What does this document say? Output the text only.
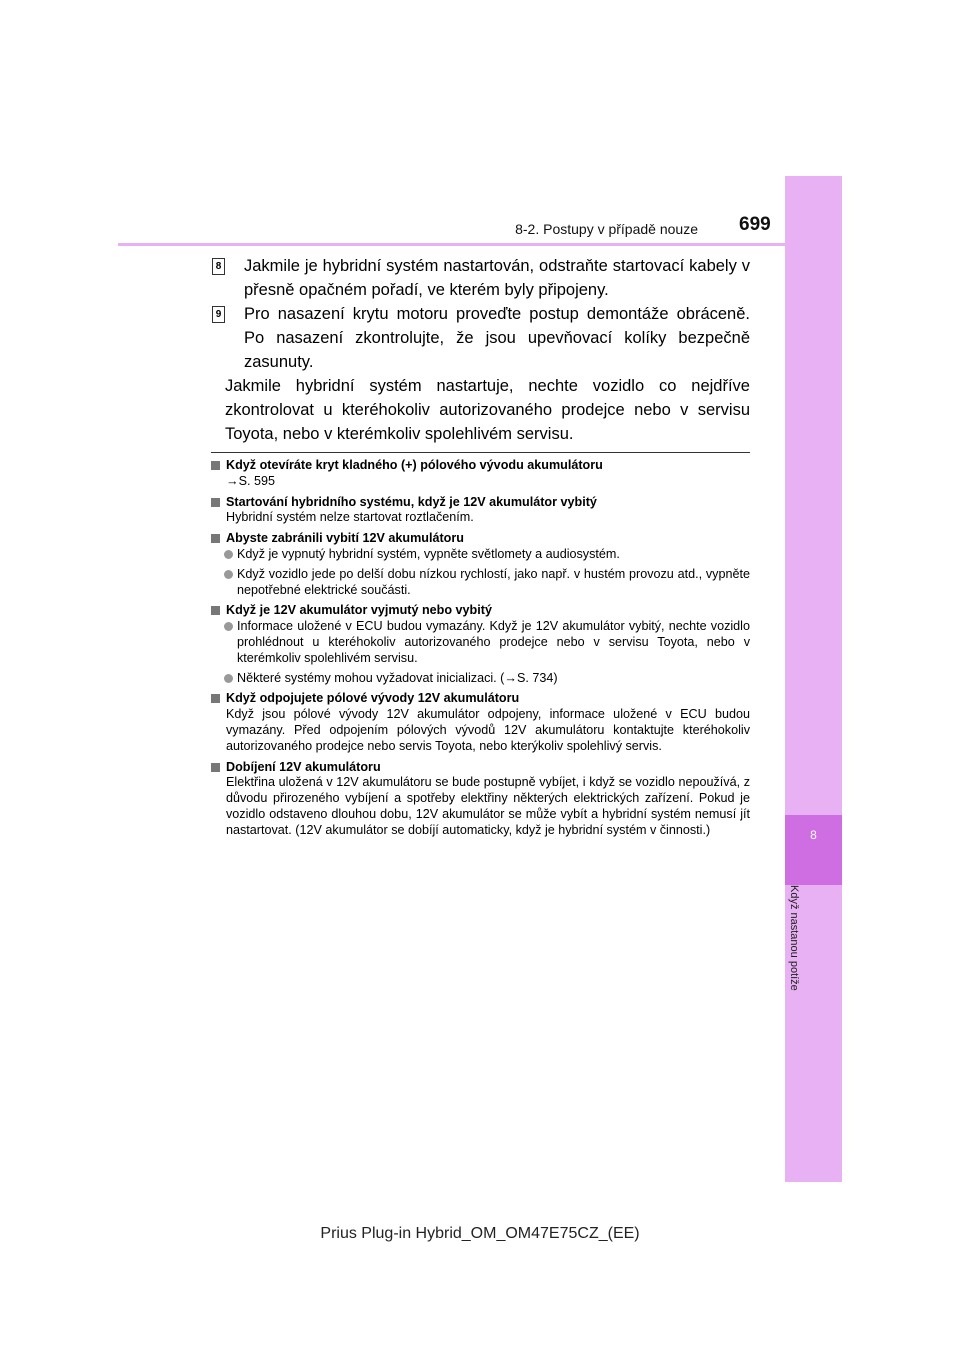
8
Když nastanou potíže
8-2. Postupy v případě nouze 699
8 Jakmile je hybridní systém nastartován, odstraňte startovací kabely v přesně opačném pořadí, ve kterém byly připojeny.
9 Pro nasazení krytu motoru proveďte postup demontáže obráceně. Po nasazení zkontrolujte, že jsou upevňovací kolíky bezpečně zasunuty.
Jakmile hybridní systém nastartuje, nechte vozidlo co nejdříve zkontrolovat u kteréhokoliv autorizovaného prodejce nebo v servisu Toyota, nebo v kterémkoliv spolehlivém servisu.
Když otevíráte kryt kladného (+) pólového vývodu akumulátoru
→S. 595
Startování hybridního systému, když je 12V akumulátor vybitý
Hybridní systém nelze startovat roztlačením.
Abyste zabránili vybití 12V akumulátoru
Když je vypnutý hybridní systém, vypněte světlomety a audiosystém.
Když vozidlo jede po delší dobu nízkou rychlostí, jako např. v hustém provozu atd., vypněte nepotřebné elektrické součásti.
Když je 12V akumulátor vyjmutý nebo vybitý
Informace uložené v ECU budou vymazány. Když je 12V akumulátor vybitý, nechte vozidlo prohlédnout u kteréhokoliv autorizovaného prodejce nebo v servisu Toyota, nebo v kterémkoliv spolehlivém servisu.
Některé systémy mohou vyžadovat inicializaci. (→S. 734)
Když odpojujete pólové vývody 12V akumulátoru
Když jsou pólové vývody 12V akumulátor odpojeny, informace uložené v ECU budou vymazány. Před odpojením pólových vývodů 12V akumulátoru kontaktujte kteréhokoliv autorizovaného prodejce nebo servis Toyota, nebo kterýkoliv spolehlivý servis.
Dobíjení 12V akumulátoru
Elektřina uložená v 12V akumulátoru se bude postupně vybíjet, i když se vozidlo nepoužívá, z důvodu přirozeného vybíjení a spotřeby elektřiny některých elektrických zařízení. Pokud je vozidlo odstaveno dlouhou dobu, 12V akumulátor se může vybít a hybridní systém nemusí jít nastartovat. (12V akumulátor se dobíjí automaticky, když je hybridní systém v činnosti.)
Prius Plug-in Hybrid_OM_OM47E75CZ_(EE)
